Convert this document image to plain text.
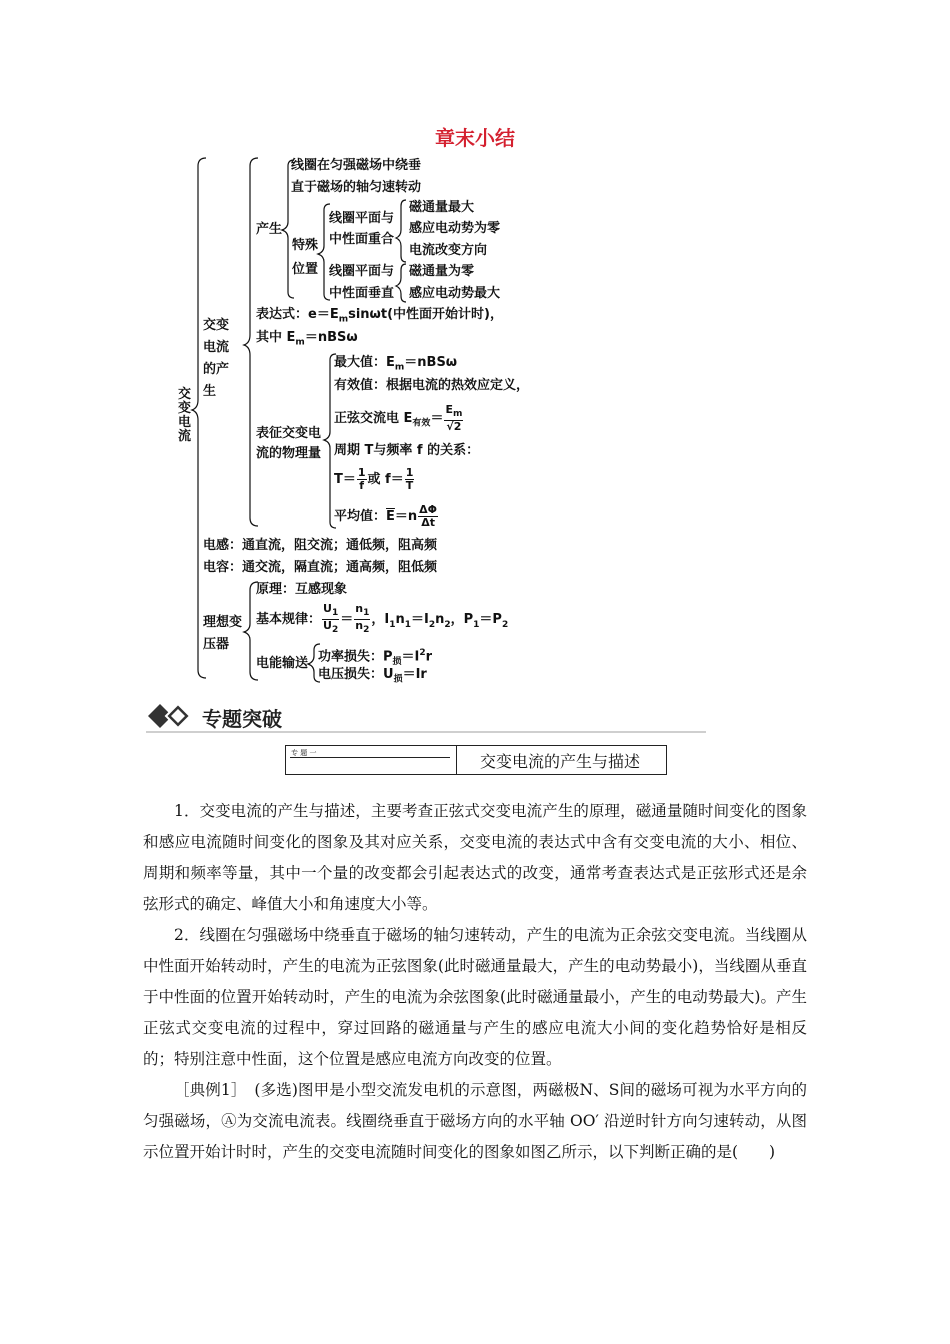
章末小结
交变电流
交变电流的产生
产生
线圈在匀强磁场中绕垂
直于磁场的轴匀速转动
特殊位置
线圈平面与
中性面重合
磁通量最大
感应电动势为零
电流改变方向
线圈平面与
中性面垂直
磁通量为零
感应电动势最大
表达式：$e=E_m\sin\omega t$(中性面开始计时)，
其中 $E_m=nBS\omega$
表征交变电流的物理量
最大值：$E_m=nBS\omega$
有效值：根据电流的热效应定义，
正弦交流电 $E_{有效}= \frac{E_m}{√2}$
周期 T与频率 f 的关系：
$T= \frac{1}{f}$ 或 $f= \frac{1}{T}$
平均值：$\overline{E}=n \frac{\Delta\Phi}{\Delta t}$
电感：通直流，阻交流；通低频，阻高频
电容：通交流，隔直流；通高频，阻低频
理想变压器
原理：互感现象
基本规律： $\frac{U_1}{U_2} = \frac{n_1}{n_2}$ ，$I_1n_1=I_2n_2$，$P_1=P_2$
电能输送 功率损失：$P_损=I^2r$
电压损失：$U_损=Ir$
专题突破
专 题 一	交变电流的产生与描述
1．交变电流的产生与描述，主要考查正弦式交变电流产生的原理，磁通量随时间变化的图象和感应电流随时间变化的图象及其对应关系，交变电流的表达式中含有交变电流的大小、相位、周期和频率等量，其中一个量的改变都会引起表达式的改变，通常考查表达式是正弦形式还是余弦形式的确定、峰值大小和角速度大小等。
2．线圈在匀强磁场中绕垂直于磁场的轴匀速转动，产生的电流为正余弦交变电流。当线圈从中性面开始转动时，产生的电流为正弦图象(此时磁通量最大，产生的电动势最小)，当线圈从垂直于中性面的位置开始转动时，产生的电流为余弦图象(此时磁通量最小，产生的电动势最大)。产生正弦式交变电流的过程中，穿过回路的磁通量与产生的感应电流大小间的变化趋势恰好是相反的；特别注意中性面，这个位置是感应电流方向改变的位置。
［典例1］　(多选)图甲是小型交流发电机的示意图，两磁极N、S间的磁场可视为水平方向的匀强磁场，Ⓐ为交流电流表。线圈绕垂直于磁场方向的水平轴 OO′ 沿逆时针方向匀速转动，从图示位置开始计时时，产生的交变电流随时间变化的图象如图乙所示，以下判断正确的是(　　)
